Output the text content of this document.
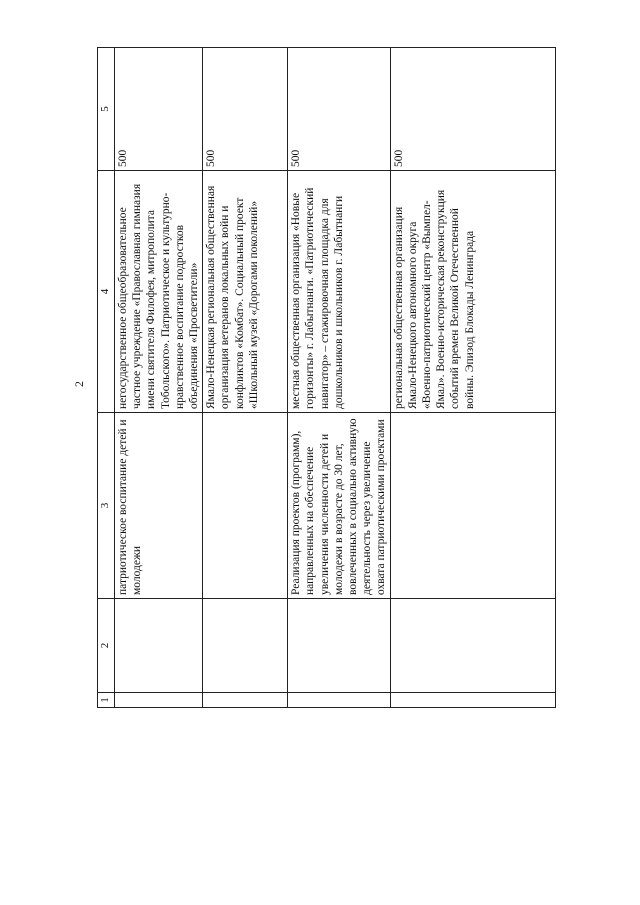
2
1	2	3	4	5
		патриотическое воспитание детей и молодежи	негосударственное общеобразовательное частное учреждение «Православная гимназия имени святителя Филофея, митрополита Тобольского». Патриотическое и культурно-нравственное воспитание подростков объединения «Просветители»	500
			Ямало-Ненецкая региональная общественная организация ветеранов локальных войн и конфликтов «Комбат». Социальный проект «Школьный музей «Дорогами поколений»	500
		Реализация проектов (программ), направленных на обеспечение увеличения численности детей и молодежи в возрасте до 30 лет, вовлеченных в социально активную деятельность через увеличение охвата патриотическими проектами	местная общественная организация «Новые горизонты» г. Лабытнанги. «Патриотический навигатор» – стажировочная площадка для дошкольников и школьников г. Лабытнанги	500
			региональная общественная организация Ямало-Ненецкого автономного округа «Военно-патриотический центр «Вымпел-Ямал». Военно-историческая реконструкция событий времен Великой Отечественной войны. Эпизод Блокады Ленинграда	500
